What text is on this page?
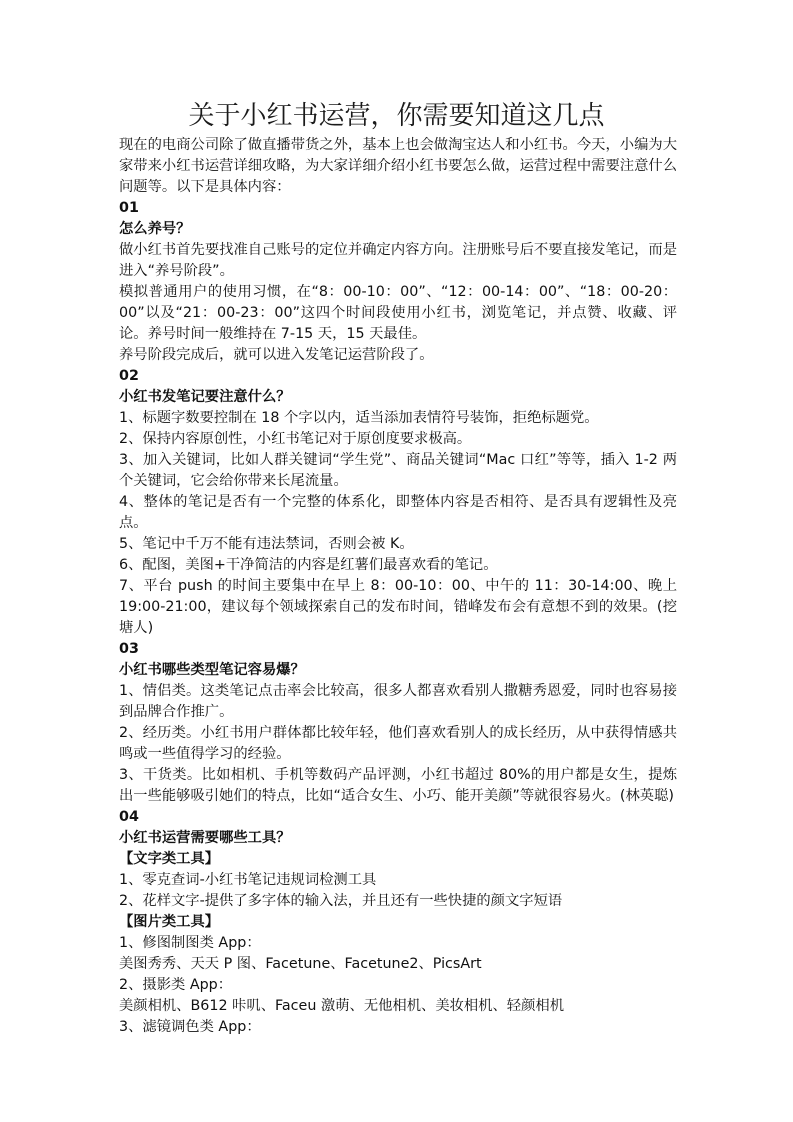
关于小红书运营，你需要知道这几点

现在的电商公司除了做直播带货之外，基本上也会做淘宝达人和小红书。今天，小编为大家带来小红书运营详细攻略，为大家详细介绍小红书要怎么做，运营过程中需要注意什么问题等。以下是具体内容：

01

怎么养号？

做小红书首先要找准自己账号的定位并确定内容方向。注册账号后不要直接发笔记，而是进入“养号阶段”。

模拟普通用户的使用习惯，在“8：00-10：00”、“12：00-14：00”、“18：00-20：00”以及“21：00-23：00”这四个时间段使用小红书，浏览笔记，并点赞、收藏、评论。养号时间一般维持在 7-15 天，15 天最佳。

养号阶段完成后，就可以进入发笔记运营阶段了。

02

小红书发笔记要注意什么？

1、标题字数要控制在 18 个字以内，适当添加表情符号装饰，拒绝标题党。

2、保持内容原创性，小红书笔记对于原创度要求极高。

3、加入关键词，比如人群关键词“学生党”、商品关键词“Mac 口红”等等，插入 1-2 两个关键词，它会给你带来长尾流量。

4、整体的笔记是否有一个完整的体系化，即整体内容是否相符、是否具有逻辑性及亮点。

5、笔记中千万不能有违法禁词，否则会被 K。

6、配图，美图+干净简洁的内容是红薯们最喜欢看的笔记。

7、平台 push 的时间主要集中在早上 8：00-10：00、中午的 11：30-14:00、晚上 19:00-21:00，建议每个领域探索自己的发布时间，错峰发布会有意想不到的效果。(挖塘人)

03

小红书哪些类型笔记容易爆？

1、情侣类。这类笔记点击率会比较高，很多人都喜欢看别人撒糖秀恩爱，同时也容易接到品牌合作推广。

2、经历类。小红书用户群体都比较年轻，他们喜欢看别人的成长经历，从中获得情感共鸣或一些值得学习的经验。

3、干货类。比如相机、手机等数码产品评测，小红书超过 80%的用户都是女生，提炼出一些能够吸引她们的特点，比如“适合女生、小巧、能开美颜”等就很容易火。(林英聪)

04

小红书运营需要哪些工具？

【文字类工具】

1、零克查词-小红书笔记违规词检测工具

2、花样文字-提供了多字体的输入法，并且还有一些快捷的颜文字短语

【图片类工具】

1、修图制图类 App：

美图秀秀、天天 P 图、Facetune、Facetune2、PicsArt

2、摄影类 App：

美颜相机、B612 咔叽、Faceu 激萌、无他相机、美妆相机、轻颜相机

3、滤镜调色类 App：
